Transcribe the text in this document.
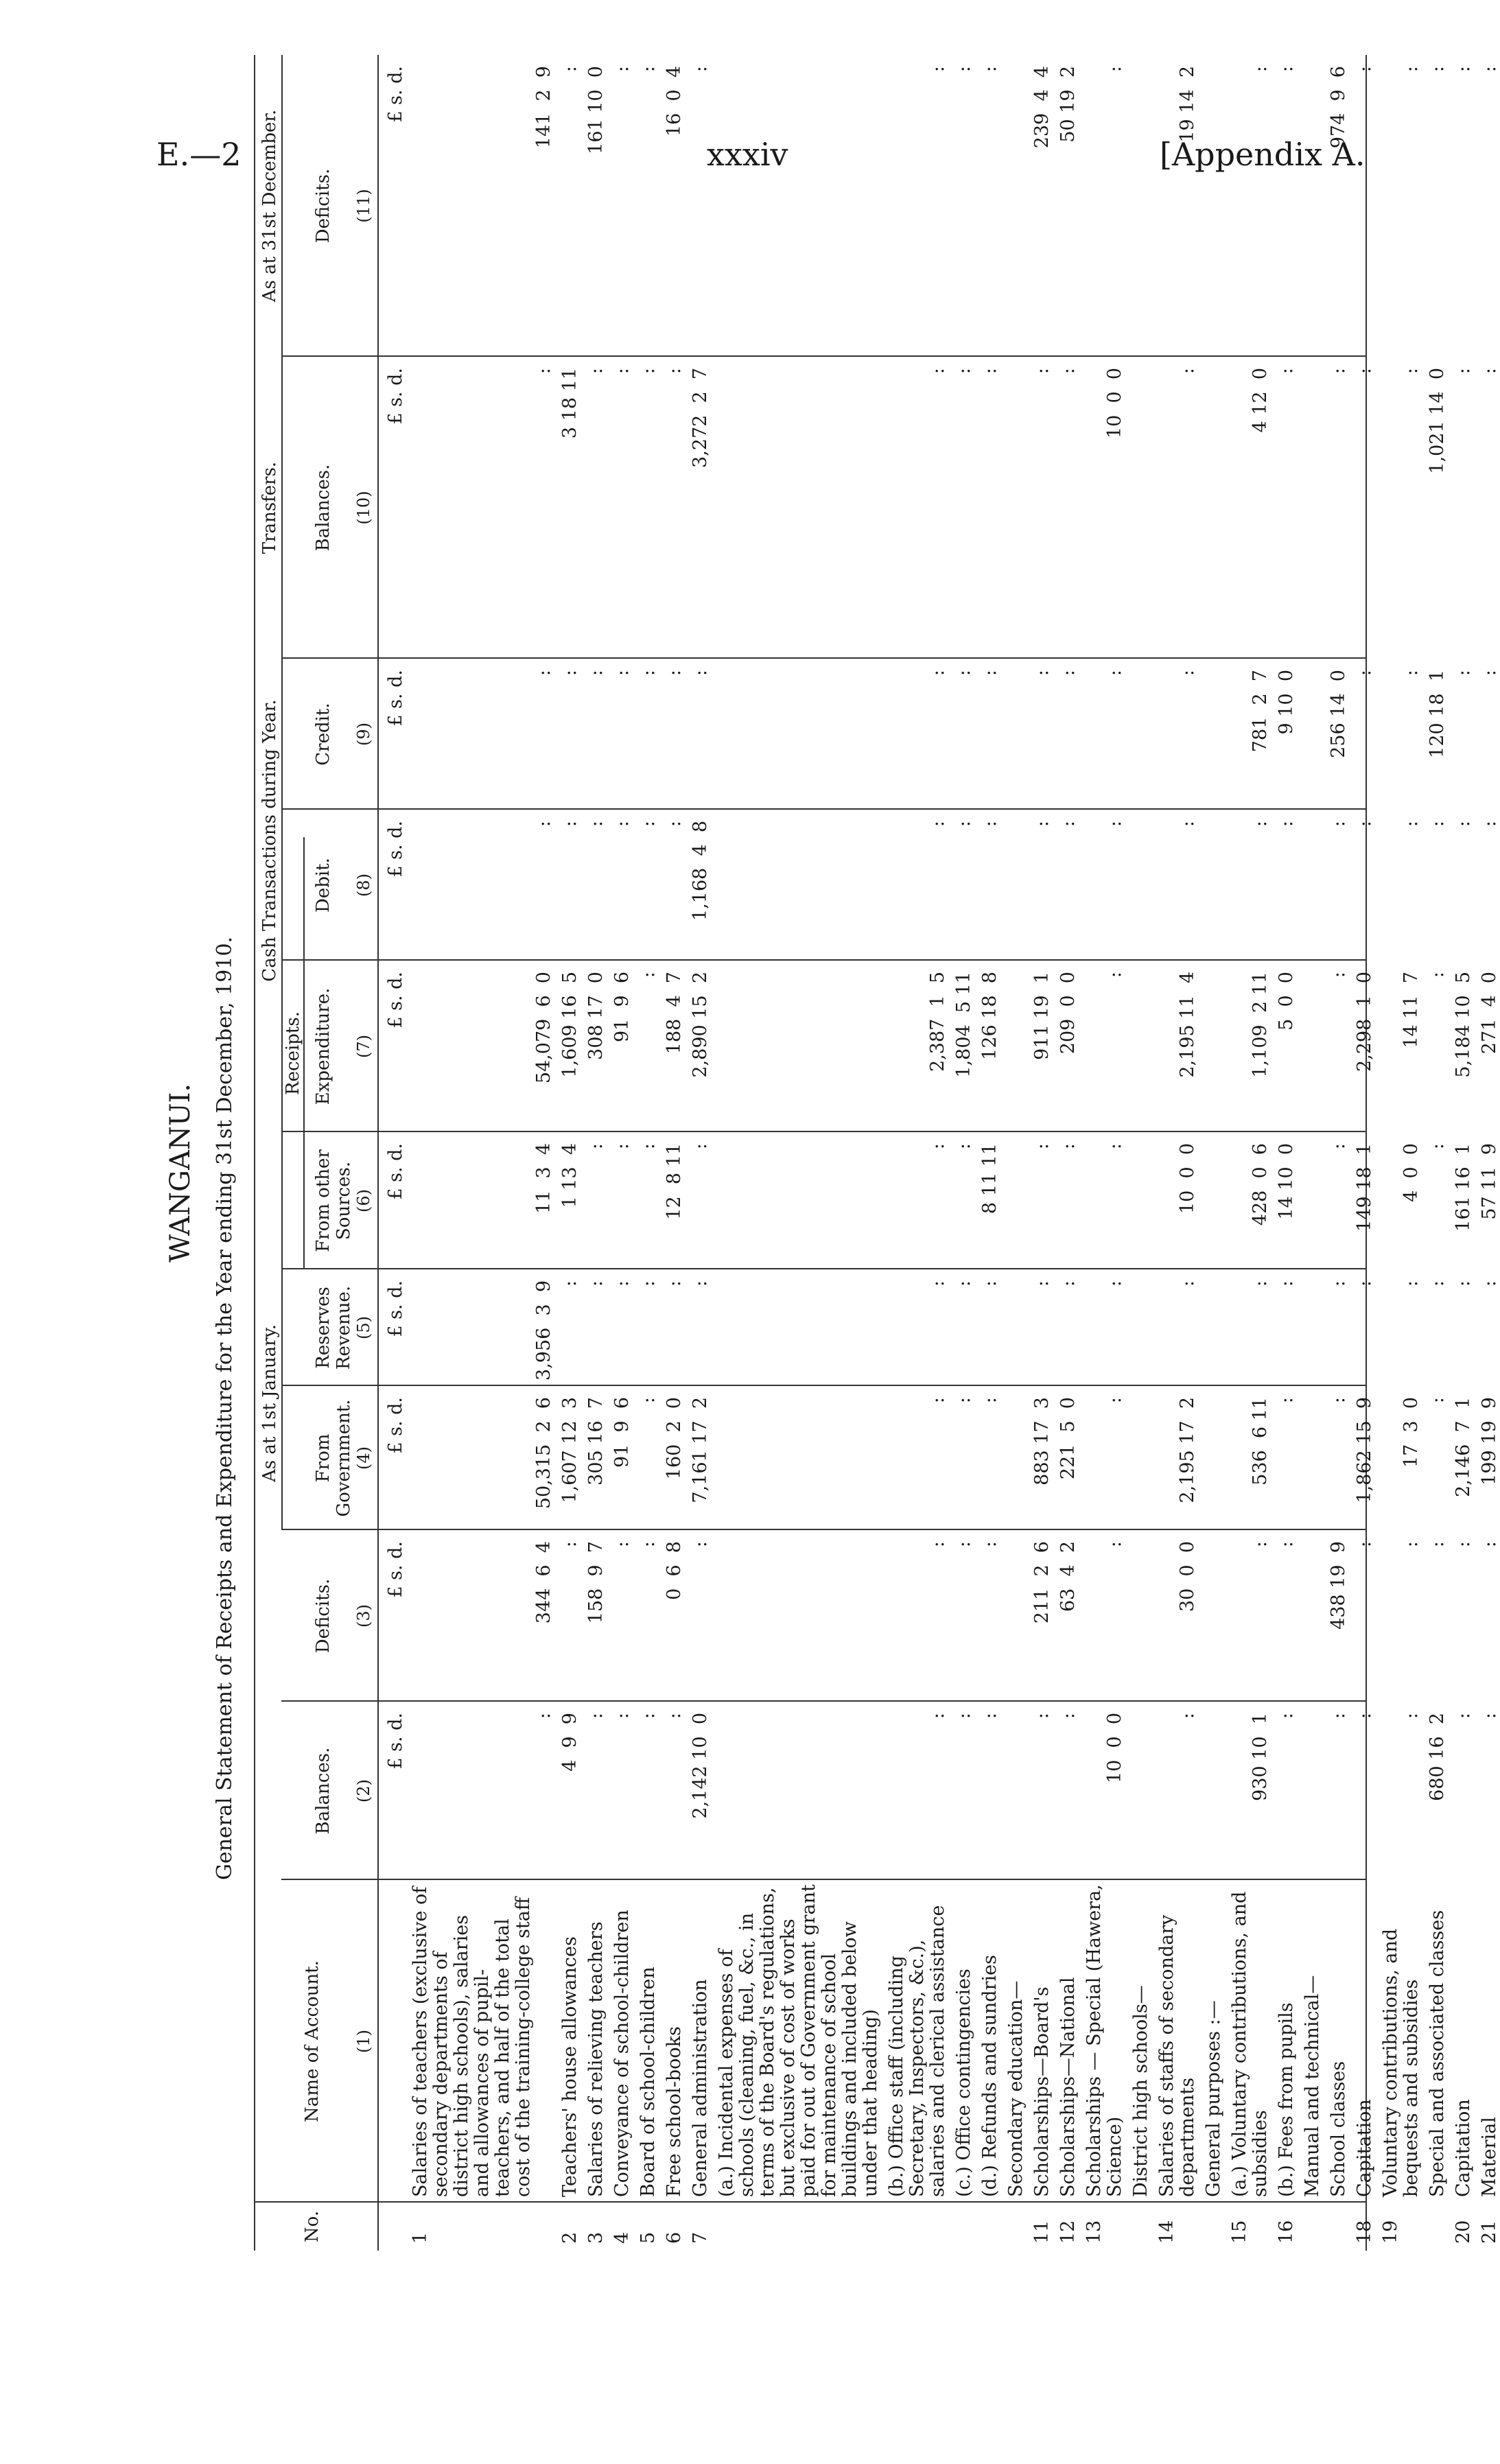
E.—2	xxxiv	[Appendix A.
WANGANUI. General Statement of Receipts and Expenditure for the Year ending 31st December, 1910. As at 1st January.
Cash Transactions during Year.
Receipts.
Transfers.
As at 31st December.
No.
Name of Account. (1)
Balances. (2)
Deficits. (3)
From Government. (4)
Reserves Revenue. (5)
From other Sources. (6)
Expenditure. (7)
Debit. (8)
Credit. (9)
Balances. (10)
Deficits. (11)
£ s. d.
£ s. d.
£ s. d.
£ s. d.
£ s. d.
£ s. d.
£ s. d.
£ s. d.
£ s. d.
£ s. d.
1
Salaries of teachers (exclusive of secondary departments of district high schools), salaries and allowances of pupil-teachers, and half of the total cost of the training-college staff
:
344  6  4
50,315  2  6
3,956  3  9
11  3  4
54,079  6  0
:
:
:
141  2  9
2
Teachers' house allowances
4  9  9
:
1,607 12  3
:
1 13  4
1,609 16  5
:
:
3 18 11
:
3
Salaries of relieving teachers
:
158  9  7
305 16  7
:
:
308 17  0
:
:
:
161 10  0
4
Conveyance of school-children
:
:
91  9  6
:
:
91  9  6
:
:
:
:
5
Board of school-children
:
:
:
:
:
:
:
:
:
:
6
Free school-books
:
0  6  8
160  2  0
:
12  8 11
188  4  7
:
:
:
16  0  4
7
General administration
2,142 10  0
:
7,161 17  2
:
:
2,890 15  2
1,168  4  8
:
3,272  2  7
:
(a.) Incidental expenses of schools (cleaning, fuel, &c., in terms of the Board's regulations, but exclusive of cost of works paid for out of Government grant for maintenance of school buildings and included below under that heading) (b.) Office staff (including Secretary, Inspectors, &c.), salaries and clerical assistance
:
:
:
:
:
2,387  1  5
:
:
:
:
(c.) Office contingencies
:
:
:
:
:
1,804  5 11
:
:
:
:
(d.) Refunds and sundries
:
:
:
:
8 11 11
126 18  8
:
:
:
:
Secondary education—
11
Scholarships—Board's
:
211  2  6
883 17  3
:
:
911 19  1
:
:
:
239  4  4
12
Scholarships—National
:
63  4  2
221  5  0
:
:
209  0  0
:
:
:
50 19  2
13
Scholarships — Special (Hawera, Science)
10  0  0
:
:
:
:
:
:
:
10  0  0
:
District high schools—
14
Salaries of staffs of secondary departments
:
30  0  0
2,195 17  2
:
10  0  0
2,195 11  4
:
:
:
19 14  2
General purposes :—
15
(a.) Voluntary contributions, and subsidies
930 10  1
:
536  6 11
:
428  0  6
1,109  2 11
:
781  2  7
4 12  0
:
16
(b.) Fees from pupils
:
:
:
:
14 10  0
5  0  0
:
9 10  0
:
:
Manual and technical— School classes
:
438 19  9
:
:
:
:
:
256 14  0
:
974  9  6
18
Capitation
:
:
1,862 15  9
:
149 18  1
2,298  1  0
:
:
:
:
19
Voluntary contributions, and bequests and subsidies
:
:
17  3  0
:
4  0  0
14 11  7
:
:
:
:
Special and associated classes
680 16  2
:
:
:
:
:
:
120 18  1
1,021 14  0
:
20
Capitation
:
:
2,146  7  1
:
161 16  1
5,184 10  5
:
:
:
:
21
Material
:
:
199 19  9
:
57 11  9
271  4  0
:
:
:
:
